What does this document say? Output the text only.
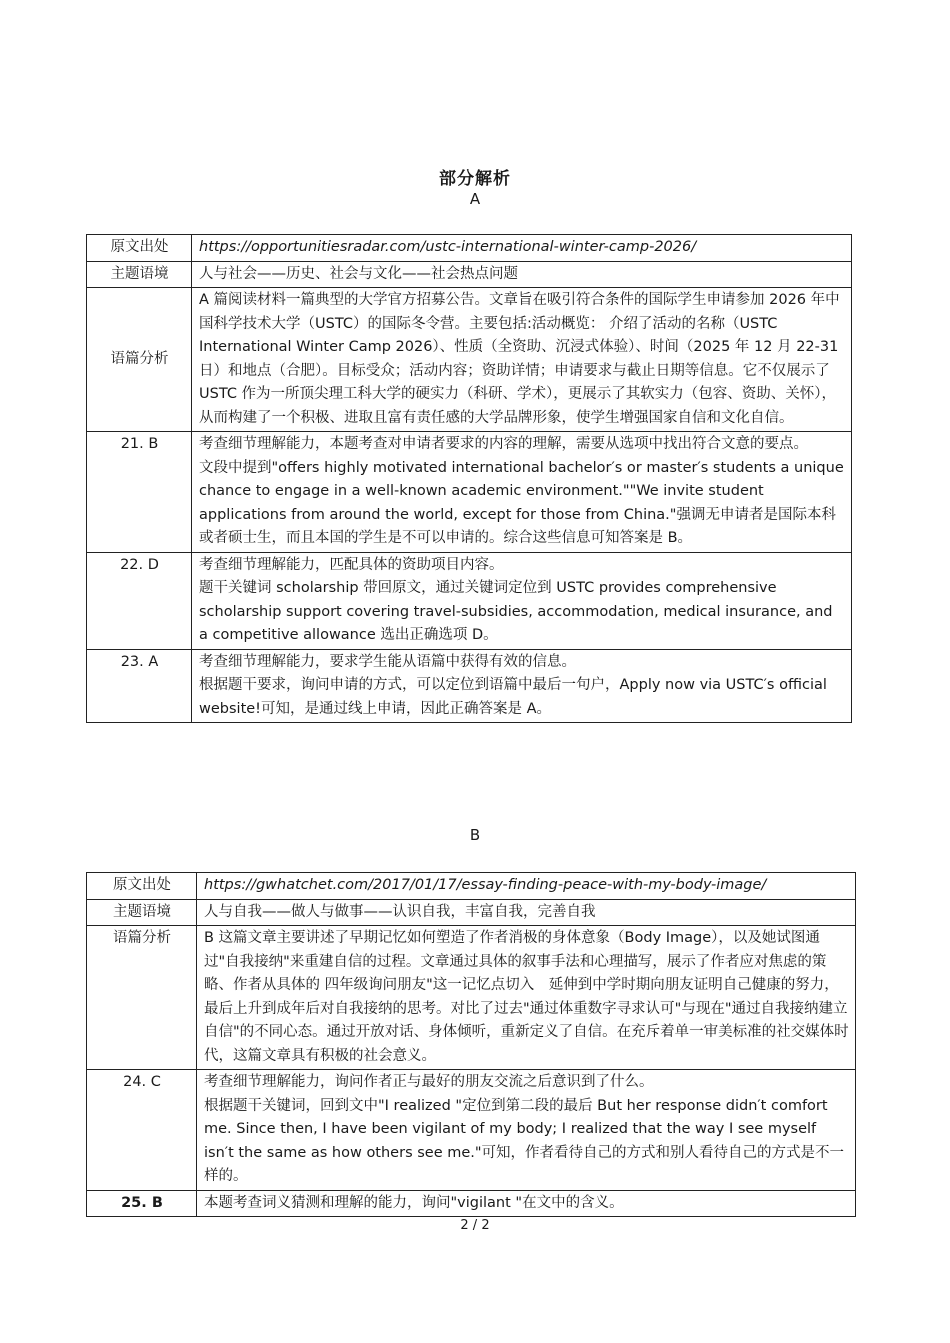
部分解析
A
原文出处	https://opportunitiesradar.com/ustc-international-winter-camp-2026/
主题语境	人与社会——历史、社会与文化——社会热点问题
语篇分析	A 篇阅读材料一篇典型的大学官方招募公告。文章旨在吸引符合条件的国际学生申请参加 2026 年中国科学技术大学（USTC）的国际冬令营。主要包括:活动概览： 介绍了活动的名称（USTC International Winter Camp 2026）、性质（全资助、沉浸式体验）、时间（2025 年 12 月 22-31 日）和地点（合肥）。目标受众；活动内容；资助详情；申请要求与截止日期等信息。它不仅展示了 USTC 作为一所顶尖理工科大学的硬实力（科研、学术），更展示了其软实力（包容、资助、关怀），从而构建了一个积极、进取且富有责任感的大学品牌形象，使学生增强国家自信和文化自信。
21. B	考查细节理解能力，本题考查对申请者要求的内容的理解，需要从选项中找出符合文意的要点。
文段中提到"offers highly motivated international bachelor′s or master′s students a unique chance to engage in a well-known academic environment.""We invite student applications from around the world, except for those from China."强调无申请者是国际本科或者硕士生，而且本国的学生是不可以申请的。综合这些信息可知答案是 B。

22. D	考查细节理解能力，匹配具体的资助项目内容。
题干关键词 scholarship 带回原文，通过关键词定位到 USTC provides comprehensive scholarship support covering travel-subsidies, accommodation, medical insurance, and a competitive allowance 选出正确选项 D。

23. A	考查细节理解能力，要求学生能从语篇中获得有效的信息。
根据题干要求，询问申请的方式，可以定位到语篇中最后一句户，Apply now via USTC′s official website!可知，是通过线上申请，因此正确答案是 A。
B
原文出处	https://gwhatchet.com/2017/01/17/essay-finding-peace-with-my-body-image/
主题语境	人与自我——做人与做事——认识自我，丰富自我，完善自我
语篇分析	B 这篇文章主要讲述了早期记忆如何塑造了作者消极的身体意象（Body Image），以及她试图通过"自我接纳"来重建自信的过程。文章通过具体的叙事手法和心理描写，展示了作者应对焦虑的策略、作者从具体的 四年级询问朋友"这一记忆点切入　延伸到中学时期向朋友证明自己健康的努力，最后上升到成年后对自我接纳的思考。对比了过去"通过体重数字寻求认可"与现在"通过自我接纳建立自信"的不同心态。通过开放对话、身体倾听，重新定义了自信。在充斥着单一审美标准的社交媒体时代，这篇文章具有积极的社会意义。
24. C	考查细节理解能力，询问作者正与最好的朋友交流之后意识到了什么。
根据题干关键词，回到文中"I realized "定位到第二段的最后 But her response didn′t comfort me. Since then, I have been vigilant of my body; I realized that the way I see myself isn′t the same as how others see me."可知，作者看待自己的方式和别人看待自己的方式是不一样的。

25. B	本题考查词义猜测和理解的能力，询问"vigilant "在文中的含义。
2 / 2
